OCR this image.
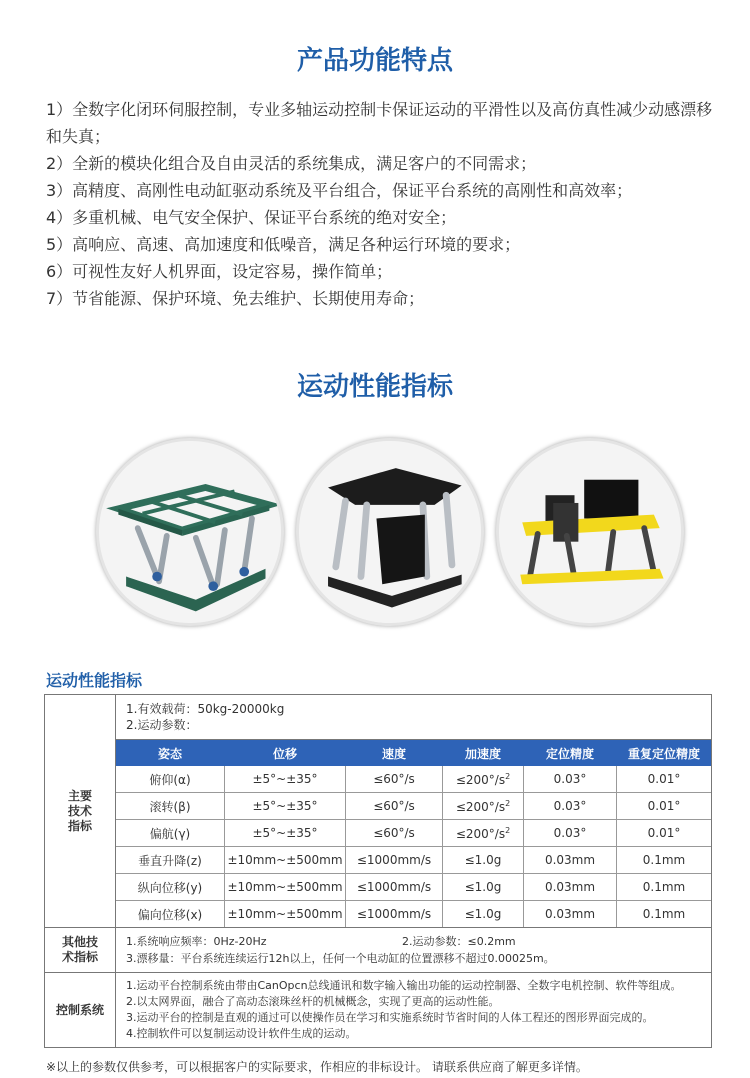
产品功能特点
1）全数字化闭环伺服控制，专业多轴运动控制卡保证运动的平滑性以及高仿真性减少动感漂移和失真；
2）全新的模块化组合及自由灵活的系统集成，满足客户的不同需求；
3）高精度、高刚性电动缸驱动系统及平台组合，保证平台系统的高刚性和高效率；
4）多重机械、电气安全保护、保证平台系统的绝对安全；
5）高响应、高速、高加速度和低噪音，满足各种运行环境的要求；
6）可视性友好人机界面，设定容易，操作简单；
7）节省能源、保护环境、免去维护、长期使用寿命；
运动性能指标
运动性能指标
主要
技术
指标	
1.有效载荷：50kg-20000kg
2.运动参数：

姿态	位移	速度	加速度	定位精度	重复定位精度
俯仰(α)	±5°~±35°	≤60°/s	$\le 200^\circ/s^2$	0.03°	0.01°
滚转(β)	±5°~±35°	≤60°/s	$\le 200^\circ/s^2$	0.03°	0.01°
偏航(γ)	±5°~±35°	≤60°/s	$\le 200^\circ/s^2$	0.03°	0.01°
垂直升降(z)	±10mm~±500mm	≤1000mm/s	≤1.0g	0.03mm	0.1mm
纵向位移(y)	±10mm~±500mm	≤1000mm/s	≤1.0g	0.03mm	0.1mm
偏向位移(x)	±10mm~±500mm	≤1000mm/s	≤1.0g	0.03mm	0.1mm

其他技
术指标	
1.系统响应频率：0Hz-20Hz	2.运动参数：≤0.2mm
3.漂移量：平台系统连续运行12h以上，任何一个电动缸的位置漂移不超过0.00025m。

控制系统	
1.运动平台控制系统由带由CanOpcn总线通讯和数字输入输出功能的运动控制器、全数字电机控制、软件等组成。
2.以太网界面，融合了高动态滚珠丝杆的机械概念，实现了更高的运动性能。
3.运动平台的控制是直观的通过可以使操作员在学习和实施系统时节省时间的人体工程还的图形界面完成的。
4.控制软件可以复制运动设计软件生成的运动。
※以上的参数仅供参考，可以根据客户的实际要求，作相应的非标设计。 请联系供应商了解更多详情。
